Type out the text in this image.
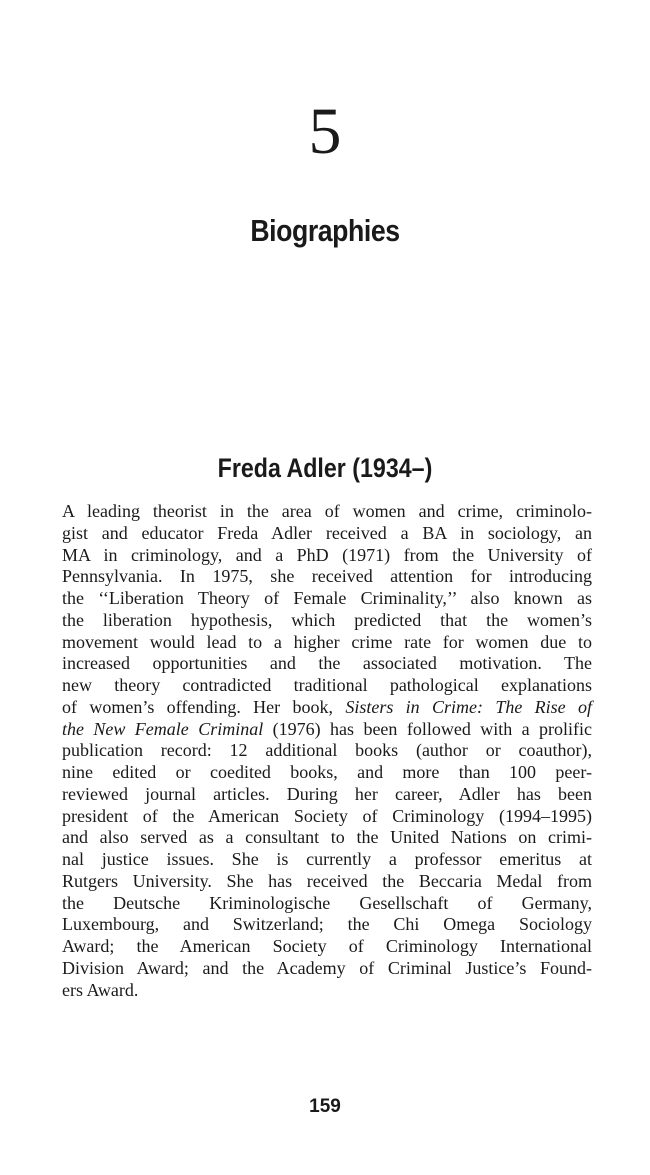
5
Biographies
Freda Adler (1934–)
A leading theorist in the area of women and crime, criminolo-
gist and educator Freda Adler received a BA in sociology, an
MA in criminology, and a PhD (1971) from the University of
Pennsylvania. In 1975, she received attention for introducing
the ‘‘Liberation Theory of Female Criminality,’’ also known as
the liberation hypothesis, which predicted that the women’s
movement would lead to a higher crime rate for women due to
increased opportunities and the associated motivation. The
new theory contradicted traditional pathological explanations
of women’s offending. Her book, Sisters in Crime: The Rise of
the New Female Criminal (1976) has been followed with a prolific
publication record: 12 additional books (author or coauthor),
nine edited or coedited books, and more than 100 peer-
reviewed journal articles. During her career, Adler has been
president of the American Society of Criminology (1994–1995)
and also served as a consultant to the United Nations on crimi-
nal justice issues. She is currently a professor emeritus at
Rutgers University. She has received the Beccaria Medal from
the Deutsche Kriminologische Gesellschaft of Germany,
Luxembourg, and Switzerland; the Chi Omega Sociology
Award; the American Society of Criminology International
Division Award; and the Academy of Criminal Justice’s Found-
ers Award.
159
